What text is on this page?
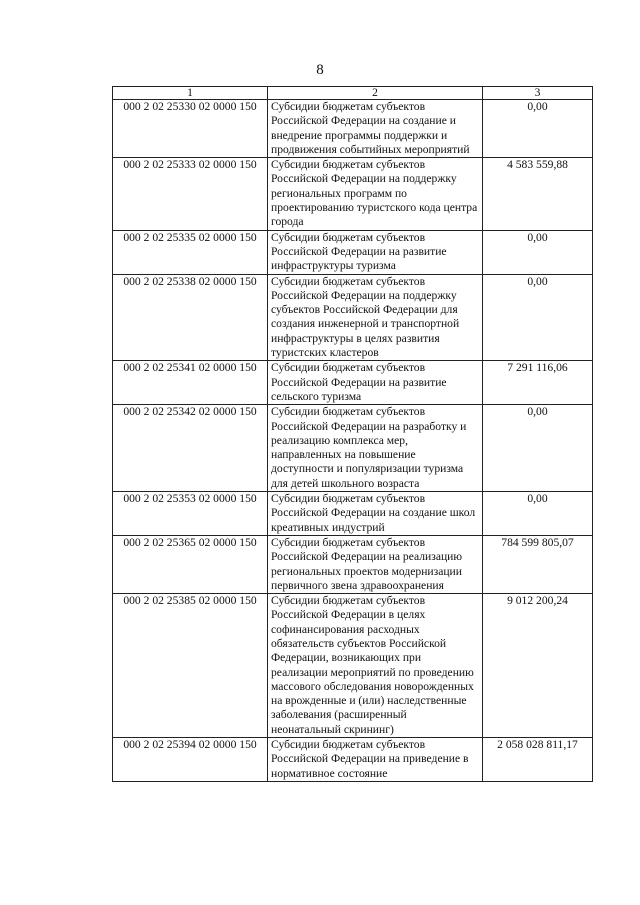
8
1	2	3
000 2 02 25330 02 0000 150	Субсидии бюджетам субъектов Российской Федерации на создание и внедрение программы поддержки и продвижения событийных мероприятий	0,00
000 2 02 25333 02 0000 150	Субсидии бюджетам субъектов Российской Федерации на поддержку региональных программ по проектированию туристского кода центра города	4 583 559,88
000 2 02 25335 02 0000 150	Субсидии бюджетам субъектов Российской Федерации на развитие инфраструктуры туризма	0,00
000 2 02 25338 02 0000 150	Субсидии бюджетам субъектов Российской Федерации на поддержку субъектов Российской Федерации для создания инженерной и транспортной инфраструктуры в целях развития туристских кластеров	0,00
000 2 02 25341 02 0000 150	Субсидии бюджетам субъектов Российской Федерации на развитие сельского туризма	7 291 116,06
000 2 02 25342 02 0000 150	Субсидии бюджетам субъектов Российской Федерации на разработку и реализацию комплекса мер, направленных на повышение доступности и популяризации туризма для детей школьного возраста	0,00
000 2 02 25353 02 0000 150	Субсидии бюджетам субъектов Российской Федерации на создание школ креативных индустрий	0,00
000 2 02 25365 02 0000 150	Субсидии бюджетам субъектов Российской Федерации на реализацию региональных проектов модернизации первичного звена здравоохранения	784 599 805,07
000 2 02 25385 02 0000 150	Субсидии бюджетам субъектов Российской Федерации в целях софинансирования расходных обязательств субъектов Российской Федерации, возникающих при реализации мероприятий по проведению массового обследования новорожденных на врожденные и (или) наследственные заболевания (расширенный неонатальный скрининг)	9 012 200,24
000 2 02 25394 02 0000 150	Субсидии бюджетам субъектов Российской Федерации на приведение в нормативное состояние	2 058 028 811,17
